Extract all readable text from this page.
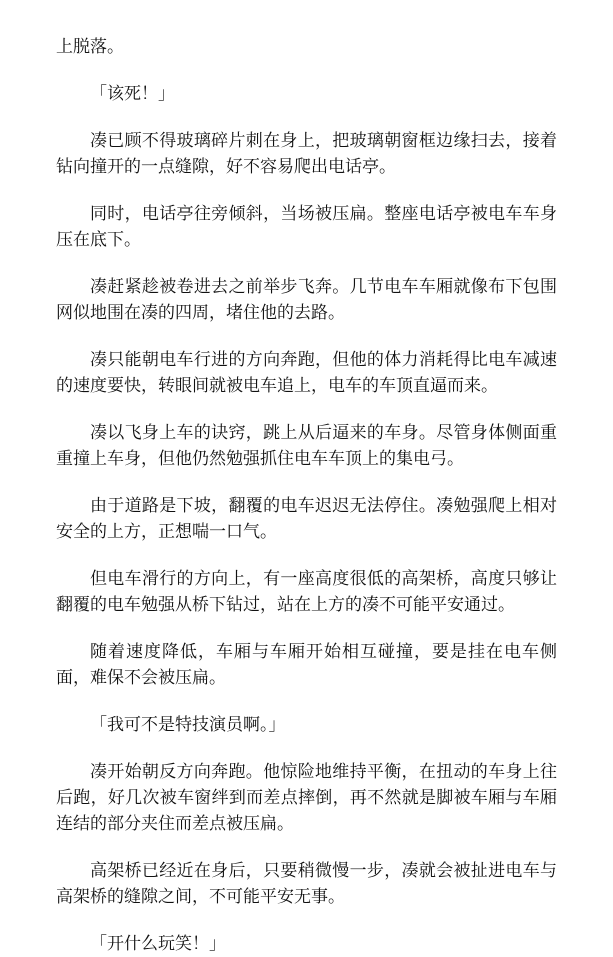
上脱落。

「该死！」

凑已顾不得玻璃碎片刺在身上，把玻璃朝窗框边缘扫去，接着钻向撞开的一点缝隙，好不容易爬出电话亭。

同时，电话亭往旁倾斜，当场被压扁。整座电话亭被电车车身压在底下。

凑赶紧趁被卷进去之前举步飞奔。几节电车车厢就像布下包围网似地围在凑的四周，堵住他的去路。

凑只能朝电车行进的方向奔跑，但他的体力消耗得比电车减速的速度要快，转眼间就被电车追上，电车的车顶直逼而来。

凑以飞身上车的诀窍，跳上从后逼来的车身。尽管身体侧面重重撞上车身，但他仍然勉强抓住电车车顶上的集电弓。

由于道路是下坡，翻覆的电车迟迟无法停住。凑勉强爬上相对安全的上方，正想喘一口气。

但电车滑行的方向上，有一座高度很低的高架桥，高度只够让翻覆的电车勉强从桥下钻过，站在上方的凑不可能平安通过。

随着速度降低，车厢与车厢开始相互碰撞，要是挂在电车侧面，难保不会被压扁。

「我可不是特技演员啊。」

凑开始朝反方向奔跑。他惊险地维持平衡，在扭动的车身上往后跑，好几次被车窗绊到而差点摔倒，再不然就是脚被车厢与车厢连结的部分夹住而差点被压扁。

高架桥已经近在身后，只要稍微慢一步，凑就会被扯进电车与高架桥的缝隙之间，不可能平安无事。

「开什么玩笑！」
